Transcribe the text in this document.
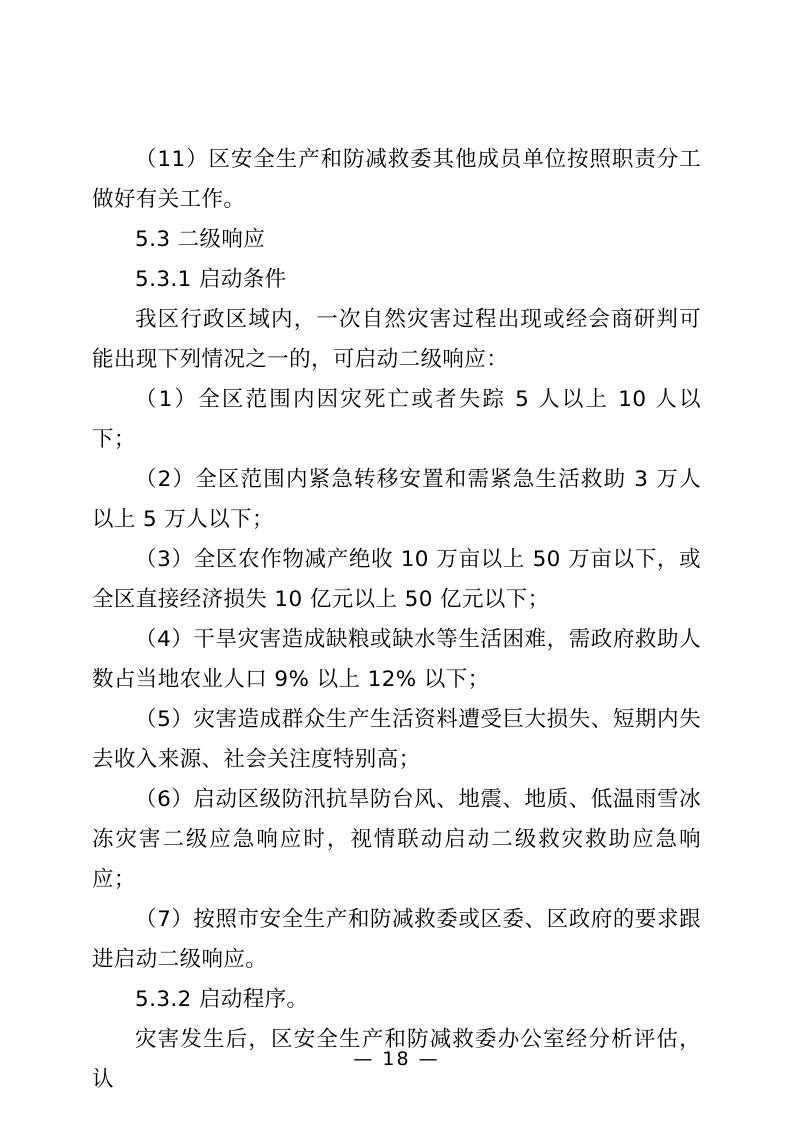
（11）区安全生产和防减救委其他成员单位按照职责分工做好有关工作。

5.3 二级响应

5.3.1 启动条件

我区行政区域内，一次自然灾害过程出现或经会商研判可能出现下列情况之一的，可启动二级响应：

（1）全区范围内因灾死亡或者失踪 5 人以上 10 人以下；

（2）全区范围内紧急转移安置和需紧急生活救助 3 万人以上 5 万人以下；

（3）全区农作物减产绝收 10 万亩以上 50 万亩以下，或全区直接经济损失 10 亿元以上 50 亿元以下；

（4）干旱灾害造成缺粮或缺水等生活困难，需政府救助人数占当地农业人口 9% 以上 12% 以下；

（5）灾害造成群众生产生活资料遭受巨大损失、短期内失去收入来源、社会关注度特别高；

（6）启动区级防汛抗旱防台风、地震、地质、低温雨雪冰冻灾害二级应急响应时，视情联动启动二级救灾救助应急响应；

（7）按照市安全生产和防减救委或区委、区政府的要求跟进启动二级响应。

5.3.2 启动程序。

灾害发生后，区安全生产和防减救委办公室经分析评估，认

— 18 —
